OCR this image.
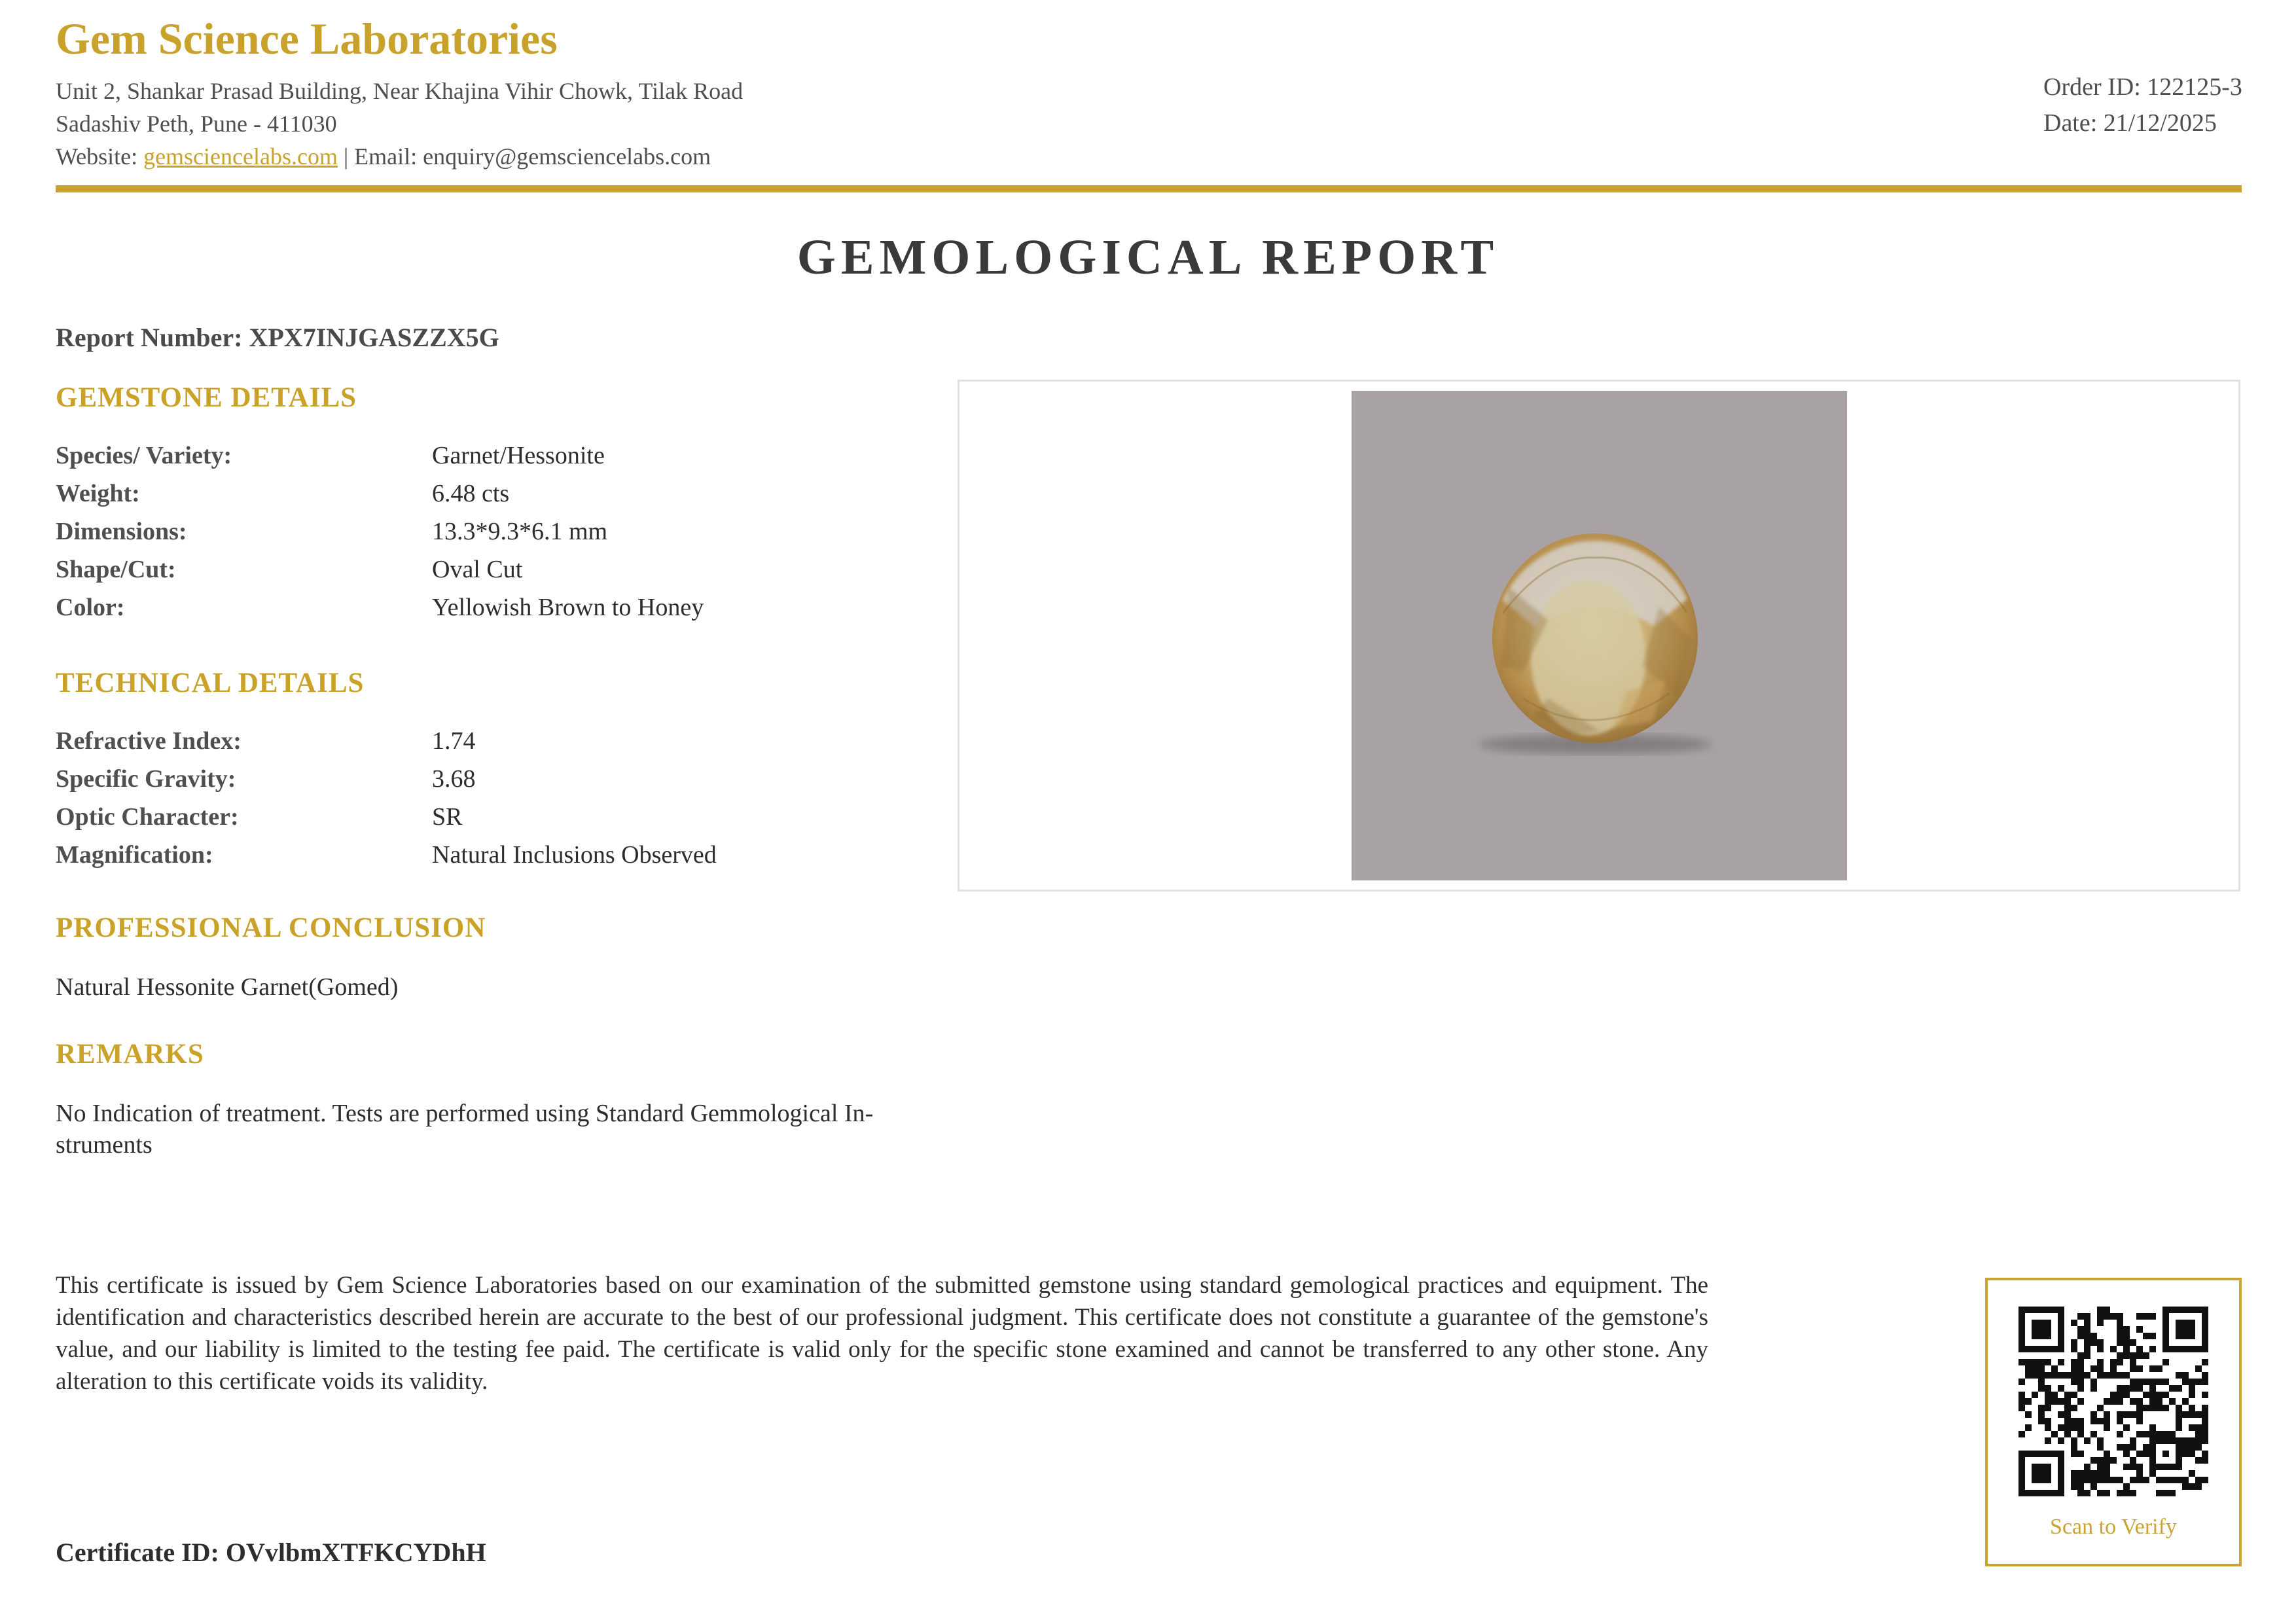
Gem Science Laboratories
Unit 2, Shankar Prasad Building, Near Khajina Vihir Chowk, Tilak Road
Sadashiv Peth, Pune - 411030
Website: gemsciencelabs.com | Email: enquiry@gemsciencelabs.com
Order ID: 122125-3
Date: 21/12/2025
GEMOLOGICAL REPORT
Report Number: XPX7INJGASZZX5G
GEMSTONE DETAILS
Species/ Variety:	Garnet/Hessonite
Weight:	6.48 cts
Dimensions:	13.3*9.3*6.1 mm
Shape/Cut:	Oval Cut
Color:	Yellowish Brown to Honey
TECHNICAL DETAILS
Refractive Index:	1.74
Specific Gravity:	3.68
Optic Character:	SR
Magnification:	Natural Inclusions Observed
PROFESSIONAL CONCLUSION

Natural Hessonite Garnet(Gomed)

REMARKS

No Indication of treatment. Tests are performed using Standard Gemmological Instruments

This certificate is issued by Gem Science Laboratories based on our examination of the submitted gemstone using standard gemological practices and equipment. The identification and characteristics described herein are accurate to the best of our professional judgment. This certificate does not constitute a guarantee of the gemstone's value, and our liability is limited to the testing fee paid. The certificate is valid only for the specific stone examined and cannot be transferred to any other stone. Any alteration to this certificate voids its validity.

Scan to Verify
Certificate ID: OVvlbmXTFKCYDhH
